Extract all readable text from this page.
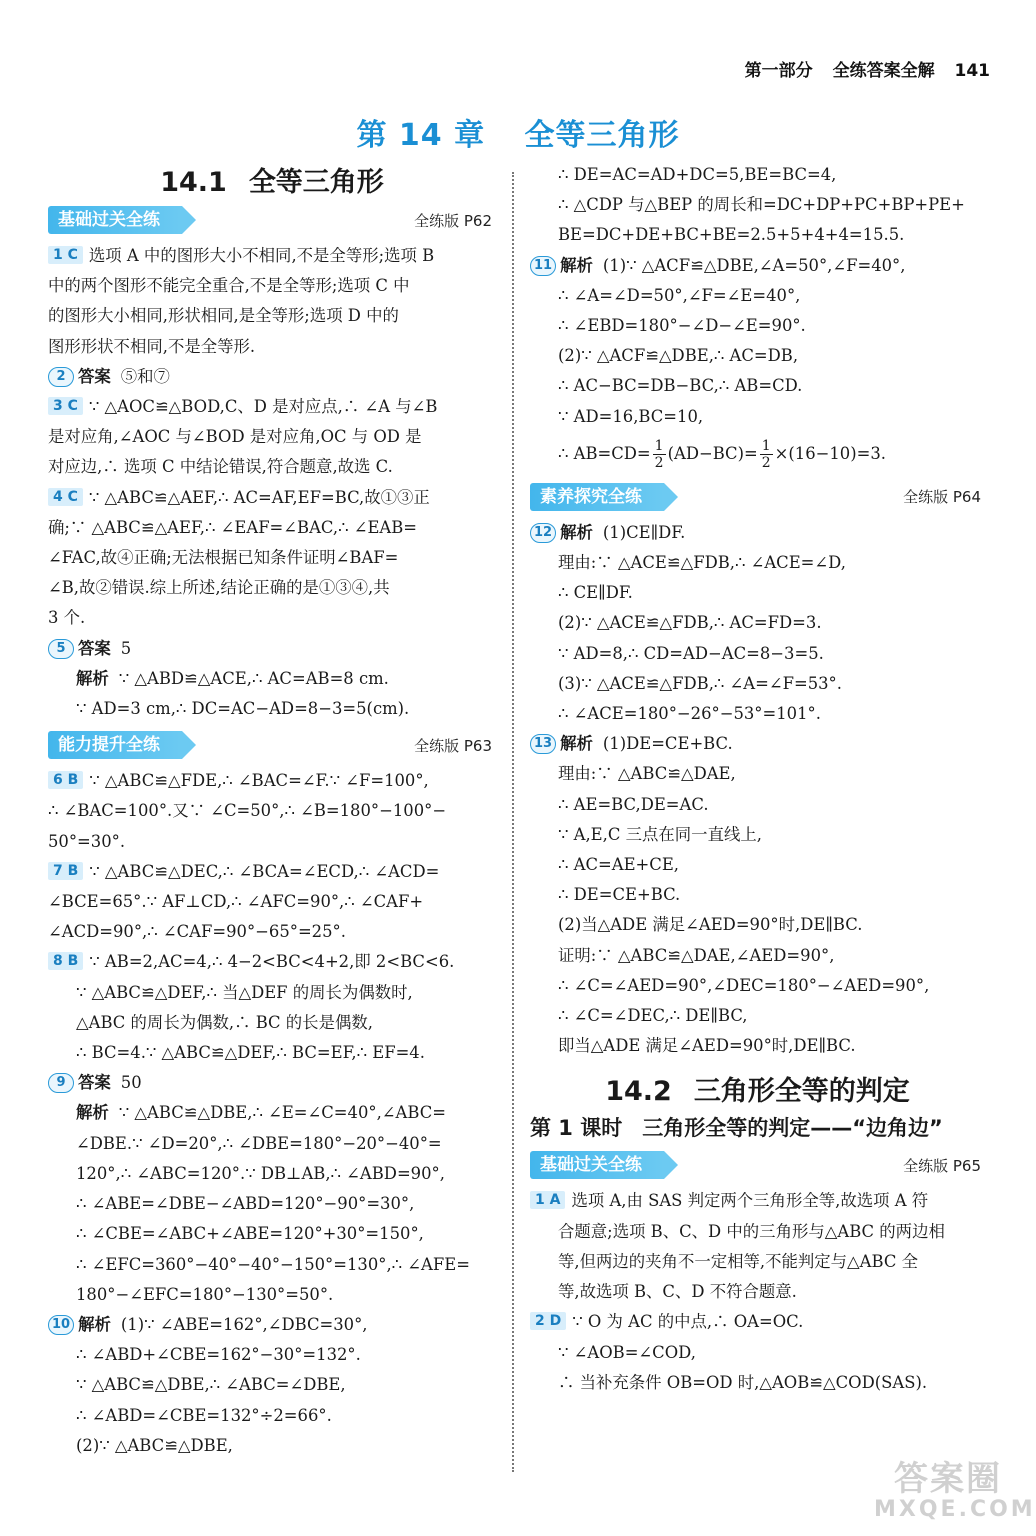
第一部分 全练答案全解 141
第 14 章 全等三角形
14.1 全等三角形
基础过关全练	全练版 P62
1 C 选项 A 中的图形大小不相同,不是全等形;选项 B
中的两个图形不能完全重合,不是全等形;选项 C 中
的图形大小相同,形状相同,是全等形;选项 D 中的
图形形状不相同,不是全等形.
2 答案 ⑤和⑦
3 C ∵ △AOC≌△BOD,C、D 是对应点,∴ ∠A 与∠B
是对应角,∠AOC 与∠BOD 是对应角,OC 与 OD 是
对应边,∴ 选项 C 中结论错误,符合题意,故选 C.
4 C ∵ △ABC≌△AEF,∴ AC=AF,EF=BC,故①③正
确;∵ △ABC≌△AEF,∴ ∠EAF=∠BAC,∴ ∠EAB=
∠FAC,故④正确;无法根据已知条件证明∠BAF=
∠B,故②错误.综上所述,结论正确的是①③④,共
3 个.
5 答案 5
解析 ∵ △ABD≌△ACE,∴ AC=AB=8 cm.
∵ AD=3 cm,∴ DC=AC−AD=8−3=5(cm).
能力提升全练	全练版 P63
6 B ∵ △ABC≌△FDE,∴ ∠BAC=∠F.∵ ∠F=100°,
∴ ∠BAC=100°.又∵ ∠C=50°,∴ ∠B=180°−100°−
50°=30°.
7 B ∵ △ABC≌△DEC,∴ ∠BCA=∠ECD,∴ ∠ACD=
∠BCE=65°.∵ AF⊥CD,∴ ∠AFC=90°,∴ ∠CAF+
∠ACD=90°,∴ ∠CAF=90°−65°=25°.
8 B ∵ AB=2,AC=4,∴ 4−2<BC<4+2,即 2<BC<6.
∵ △ABC≌△DEF,∴ 当△DEF 的周长为偶数时,
△ABC 的周长为偶数,∴ BC 的长是偶数,
∴ BC=4.∵ △ABC≌△DEF,∴ BC=EF,∴ EF=4.
9 答案 50
解析 ∵ △ABC≌△DBE,∴ ∠E=∠C=40°,∠ABC=
∠DBE.∵ ∠D=20°,∴ ∠DBE=180°−20°−40°=
120°,∴ ∠ABC=120°.∵ DB⊥AB,∴ ∠ABD=90°,
∴ ∠ABE=∠DBE−∠ABD=120°−90°=30°,
∴ ∠CBE=∠ABC+∠ABE=120°+30°=150°,
∴ ∠EFC=360°−40°−40°−150°=130°,∴ ∠AFE=
180°−∠EFC=180°−130°=50°.
10 解析 (1)∵ ∠ABE=162°,∠DBC=30°,
∴ ∠ABD+∠CBE=162°−30°=132°.
∵ △ABC≌△DBE,∴ ∠ABC=∠DBE,
∴ ∠ABD=∠CBE=132°÷2=66°.
(2)∵ △ABC≌△DBE,
∴ DE=AC=AD+DC=5,BE=BC=4,
∴ △CDP 与△BEP 的周长和=DC+DP+PC+BP+PE+
BE=DC+DE+BC+BE=2.5+5+4+4=15.5.
11 解析 (1)∵ △ACF≌△DBE,∠A=50°,∠F=40°,
∴ ∠A=∠D=50°,∠F=∠E=40°,
∴ ∠EBD=180°−∠D−∠E=90°.
(2)∵ △ACF≌△DBE,∴ AC=DB,
∴ AC−BC=DB−BC,∴ AB=CD.
∵ AD=16,BC=10,
∴ $AB=CD= \frac{1}{2} (AD-BC)= \frac{1}{2} \times(16-10)=3$.
素养探究全练	全练版 P64
12 解析 (1)CE∥DF.
理由:∵ △ACE≌△FDB,∴ ∠ACE=∠D,
∴ CE∥DF.
(2)∵ △ACE≌△FDB,∴ AC=FD=3.
∵ AD=8,∴ CD=AD−AC=8−3=5.
(3)∵ △ACE≌△FDB,∴ ∠A=∠F=53°.
∴ ∠ACE=180°−26°−53°=101°.
13 解析 (1)DE=CE+BC.
理由:∵ △ABC≌△DAE,
∴ AE=BC,DE=AC.
∵ A,E,C 三点在同一直线上,
∴ AC=AE+CE,
∴ DE=CE+BC.
(2)当△ADE 满足∠AED=90°时,DE∥BC.
证明:∵ △ABC≌△DAE,∠AED=90°,
∴ ∠C=∠AED=90°,∠DEC=180°−∠AED=90°,
∴ ∠C=∠DEC,∴ DE∥BC,
即当△ADE 满足∠AED=90°时,DE∥BC.
14.2 三角形全等的判定
第 1 课时 三角形全等的判定——“边角边”
基础过关全练	全练版 P65
1 A 选项 A,由 SAS 判定两个三角形全等,故选项 A 符
合题意;选项 B、C、D 中的三角形与△ABC 的两边相
等,但两边的夹角不一定相等,不能判定与△ABC 全
等,故选项 B、C、D 不符合题意.
2 D ∵ O 为 AC 的中点,∴ OA=OC.
∵ ∠AOB=∠COD,
∴ 当补充条件 OB=OD 时,△AOB≌△COD(SAS).
答案圈
MXQE.COM
